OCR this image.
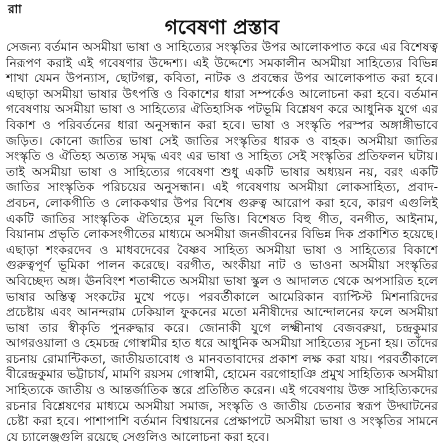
রাা
গবেষণা প্রস্তাব

সেজন্য বর্তমান অসমীয়া ভাষা ও সাহিত্যের সংস্কৃতির উপর আলোকপাত করে এর বিশেষত্ব নিরূপণ করাই এই গবেষণার উদ্দেশ্য। এই উদ্দেশ্যে সমকালীন অসমীয়া সাহিত্যের বিভিন্ন শাখা যেমন উপন্যাস, ছোটগল্প, কবিতা, নাটক ও প্রবন্ধের উপর আলোকপাত করা হবে। এছাড়া অসমীয়া ভাষার উৎপত্তি ও বিকাশের ধারা সম্পর্কেও আলোচনা করা হবে। বর্তমান গবেষণায় অসমীয়া ভাষা ও সাহিত্যের ঐতিহাসিক পটভূমি বিশ্লেষণ করে আধুনিক যুগে এর বিকাশ ও পরিবর্তনের ধারা অনুসন্ধান করা হবে। ভাষা ও সংস্কৃতি পরস্পর অঙ্গাঙ্গীভাবে জড়িত। কোনো জাতির ভাষা সেই জাতির সংস্কৃতির ধারক ও বাহক। অসমীয়া জাতির সংস্কৃতি ও ঐতিহ্য অত্যন্ত সমৃদ্ধ এবং এর ভাষা ও সাহিত্য সেই সংস্কৃতির প্রতিফলন ঘটায়। তাই অসমীয়া ভাষা ও সাহিত্যের গবেষণা শুধু একটি ভাষার অধ্যয়ন নয়, বরং একটি জাতির সাংস্কৃতিক পরিচয়ের অনুসন্ধান। এই গবেষণায় অসমীয়া লোকসাহিত্য, প্রবাদ-প্রবচন, লোকগীতি ও লোককথার উপর বিশেষ গুরুত্ব আরোপ করা হবে, কারণ এগুলিই একটি জাতির সাংস্কৃতিক ঐতিহ্যের মূল ভিত্তি। বিশেষত বিহু গীত, বনগীত, আইনাম, বিয়ানাম প্রভৃতি লোকসংগীতের মাধ্যমে অসমীয়া জনজীবনের বিভিন্ন দিক প্রকাশিত হয়েছে। এছাড়া শংকরদেব ও মাধবদেবের বৈষ্ণব সাহিত্য অসমীয়া ভাষা ও সাহিত্যের বিকাশে গুরুত্বপূর্ণ ভূমিকা পালন করেছে। বরগীত, অংকীয়া নাট ও ভাওনা অসমীয়া সংস্কৃতির অবিচ্ছেদ্য অঙ্গ। ঊনবিংশ শতাব্দীতে অসমীয়া ভাষা স্কুল ও আদালত থেকে অপসারিত হলে ভাষার অস্তিত্ব সংকটের মুখে পড়ে। পরবর্তীকালে আমেরিকান ব্যাপ্টিস্ট মিশনারিদের প্রচেষ্টায় এবং আনন্দরাম ঢেকিয়াল ফুকনের মতো মনীষীদের আন্দোলনের ফলে অসমীয়া ভাষা তার স্বীকৃতি পুনরুদ্ধার করে। জোনাকী যুগে লক্ষ্মীনাথ বেজবরুয়া, চন্দ্রকুমার আগরওয়ালা ও হেমচন্দ্র গোস্বামীর হাত ধরে আধুনিক অসমীয়া সাহিত্যের সূচনা হয়। তাঁদের রচনায় রোমান্টিকতা, জাতীয়তাবোধ ও মানবতাবাদের প্রকাশ লক্ষ করা যায়। পরবর্তীকালে বীরেন্দ্রকুমার ভট্টাচার্য, মামণি রয়সম গোস্বামী, হোমেন বরগোহাঞি প্রমুখ সাহিত্যিক অসমীয়া সাহিত্যকে জাতীয় ও আন্তর্জাতিক স্তরে প্রতিষ্ঠিত করেন। এই গবেষণায় উক্ত সাহিত্যিকদের রচনার বিশ্লেষণের মাধ্যমে অসমীয়া সমাজ, সংস্কৃতি ও জাতীয় চেতনার স্বরূপ উদ্ঘাটনের চেষ্টা করা হবে। পাশাপাশি বর্তমান বিশ্বায়নের প্রেক্ষাপটে অসমীয়া ভাষা ও সংস্কৃতির সামনে যে চ্যালেঞ্জগুলি রয়েছে সেগুলিও আলোচনা করা হবে।
